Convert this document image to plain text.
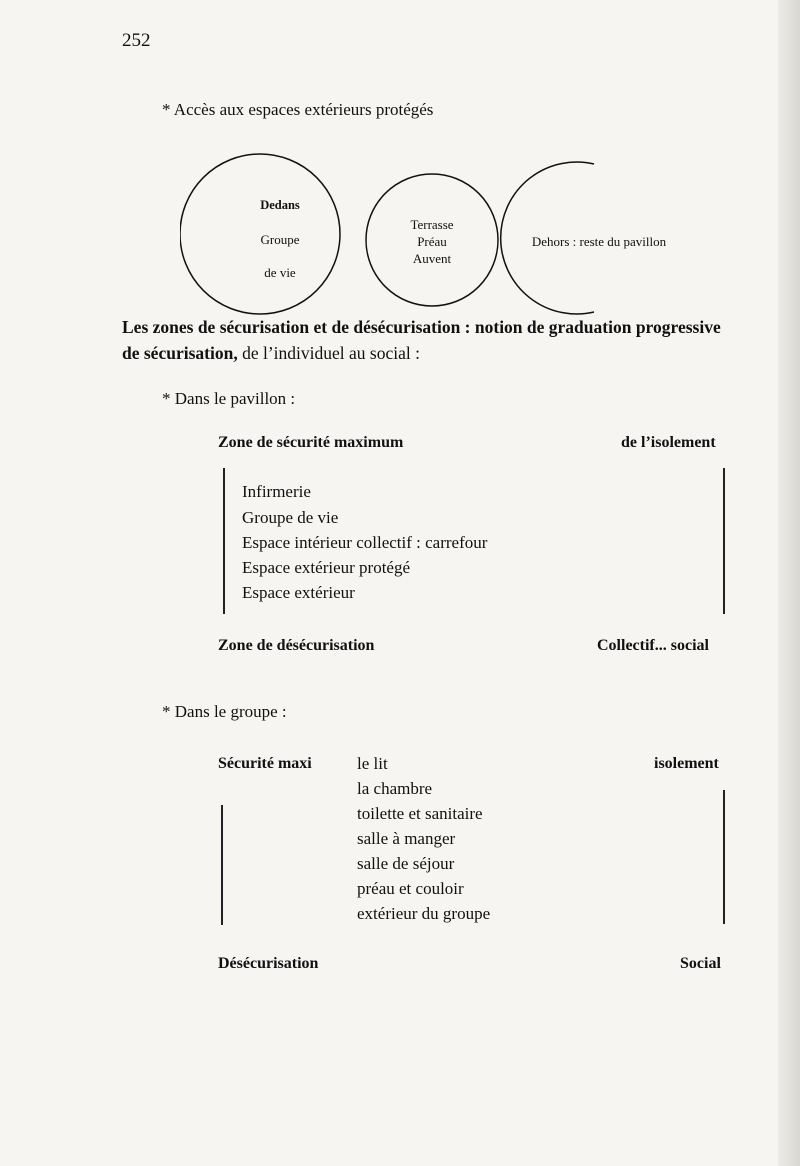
252
* Accès aux espaces extérieurs protégés
Dedans
Groupe
de vie
Terrasse
Préau
Auvent
Dehors : reste du pavillon
Les zones de sécurisation et de désécurisation : notion de graduation progressive de sécurisation, de l’individuel au social :
* Dans le pavillon :
Zone de sécurité maximum	de l’isolement
Infirmerie
Groupe de vie
Espace intérieur collectif : carrefour
Espace extérieur protégé
Espace extérieur
Zone de désécurisation	Collectif... social
* Dans le groupe :
Sécurité maxi	isolement
le lit
la chambre
toilette et sanitaire
salle à manger
salle de séjour
préau et couloir
extérieur du groupe
Désécurisation	Social
